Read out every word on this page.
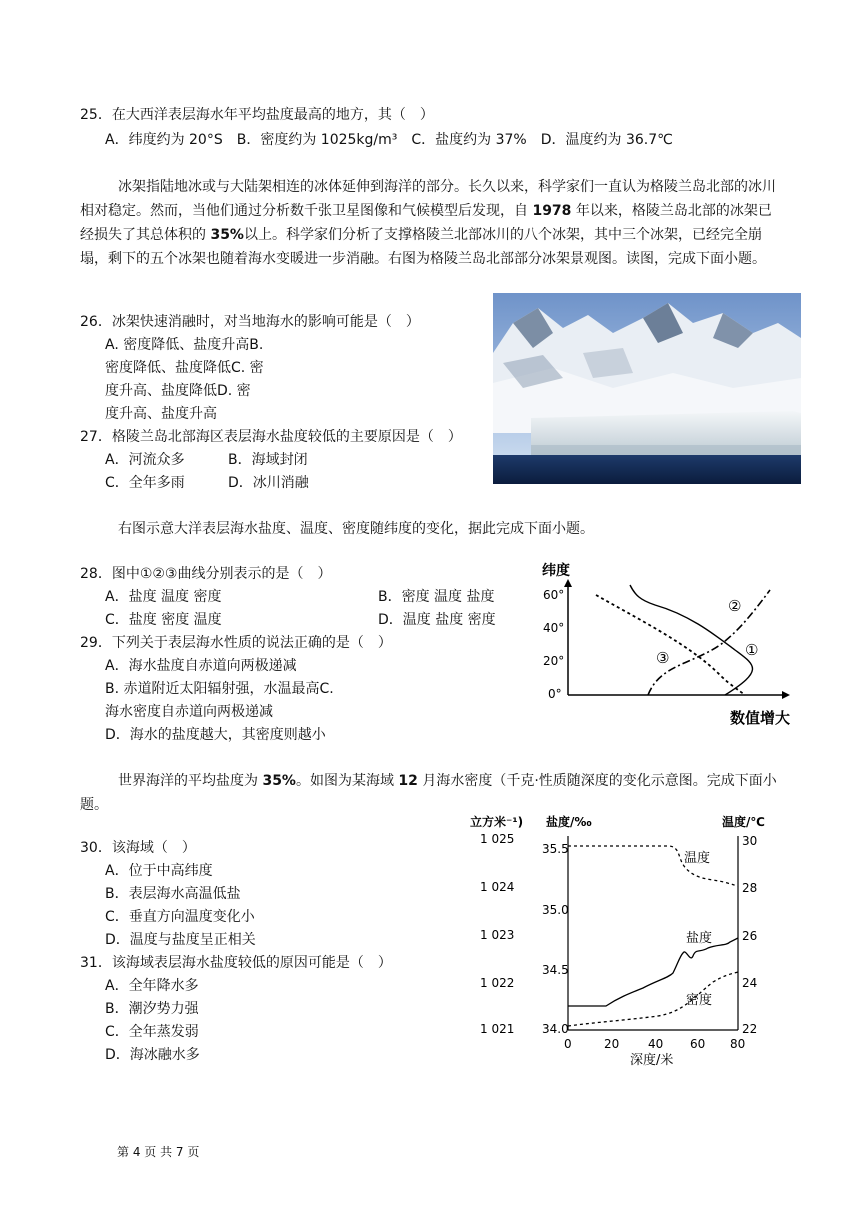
25．在大西洋表层海水年平均盐度最高的地方，其（　）
A．纬度约为 20°S　B．密度约为 1025kg/m³　C．盐度约为 37%　D．温度约为 36.7℃
冰架指陆地冰或与大陆架相连的冰体延伸到海洋的部分。长久以来，科学家们一直认为格陵兰岛北部的冰川相对稳定。然而，当他们通过分析数千张卫星图像和气候模型后发现，自 1978 年以来，格陵兰岛北部的冰架已经损失了其总体积的 35%以上。科学家们分析了支撑格陵兰北部冰川的八个冰架，其中三个冰架，已经完全崩塌，剩下的五个冰架也随着海水变暖进一步消融。右图为格陵兰岛北部部分冰架景观图。读图，完成下面小题。
26．冰架快速消融时，对当地海水的影响可能是（　）
A. 密度降低、盐度升高B.
密度降低、盐度降低C. 密
度升高、盐度降低D. 密
度升高、盐度升高
27．格陵兰岛北部海区表层海水盐度较低的主要原因是（　）
A．河流众多	B．海域封闭
C．全年多雨	D．冰川消融
右图示意大洋表层海水盐度、温度、密度随纬度的变化，据此完成下面小题。
28．图中①②③曲线分别表示的是（　）
A．盐度 温度 密度	B．密度 温度 盐度
C．盐度 密度 温度	D．温度 盐度 密度
29．下列关于表层海水性质的说法正确的是（　）
A．海水盐度自赤道向两极递减
B. 赤道附近太阳辐射强，水温最高C.
海水密度自赤道向两极递减
D．海水的盐度越大，其密度则越小
纬度
60°
40°
20°
0°
②
①
③
数值增大
世界海洋的平均盐度为 35%。如图为某海域 12 月海水密度（千克·性质随深度的变化示意图。完成下面小题。
30．该海域（　）
A．位于中高纬度
B．表层海水高温低盐
C．垂直方向温度变化小
D．温度与盐度呈正相关
31．该海域表层海水盐度较低的原因可能是（　）
A．全年降水多
B．潮汐势力强
C．全年蒸发弱
D．海冰融水多
立方米⁻¹) 盐度/‰	温度/℃
1 025
1 024
1 023
1 022
1 021
35.5
35.0
34.5
34.0
30
28
26
24
22
0	20 40 60 80
深度/米
温度
盐度
密度
第 4 页 共 7 页
